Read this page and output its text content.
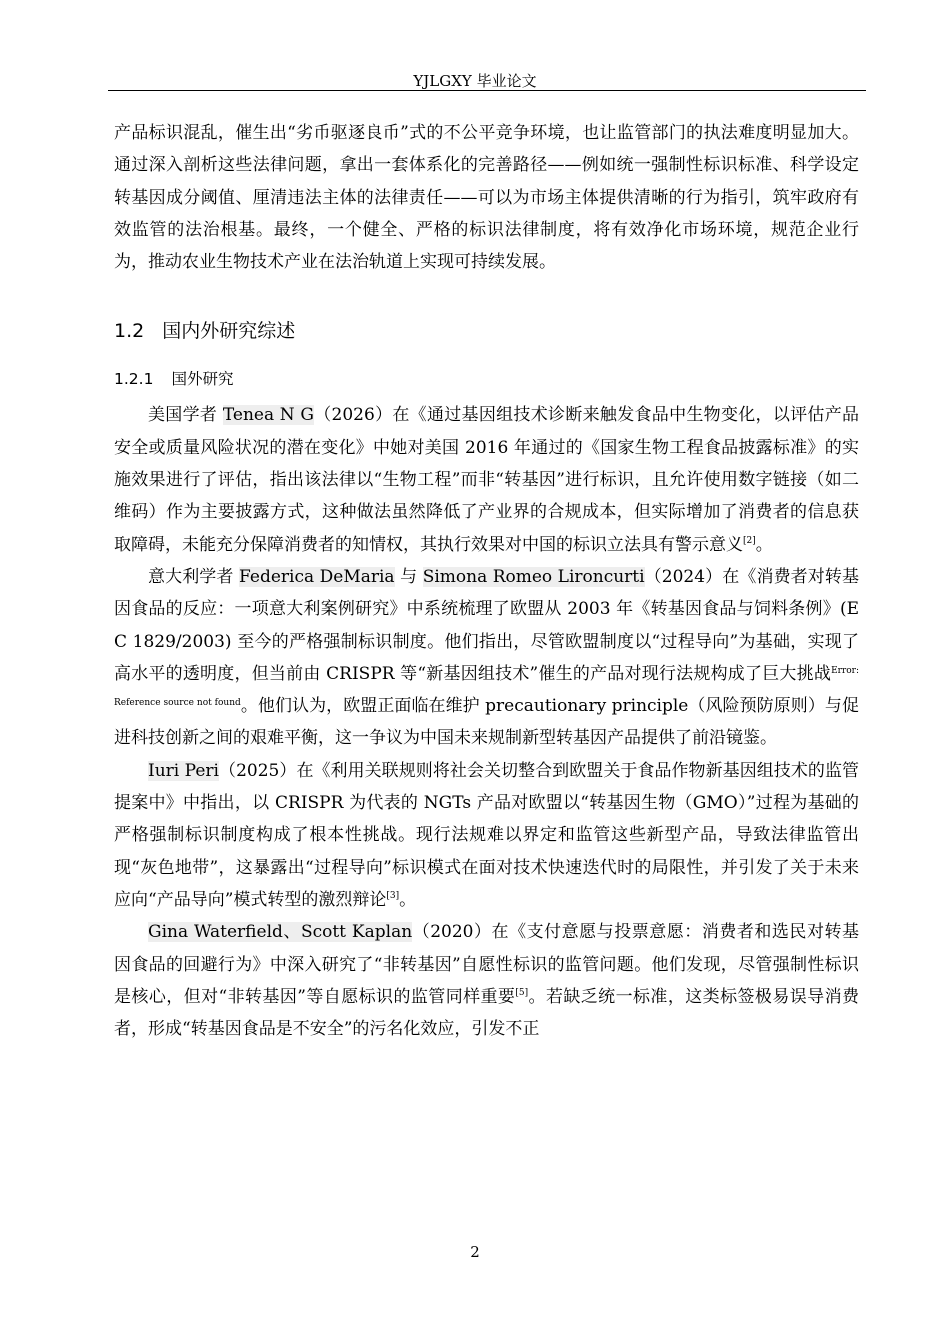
YJLGXY 毕业论文

产品标识混乱，催生出“劣币驱逐良币”式的不公平竞争环境，也让监管部门的执法难度明显加大。通过深入剖析这些法律问题，拿出一套体系化的完善路径——例如统一强制性标识标准、科学设定转基因成分阈值、厘清违法主体的法律责任——可以为市场主体提供清晰的行为指引，筑牢政府有效监管的法治根基。最终，一个健全、严格的标识法律制度，将有效净化市场环境，规范企业行为，推动农业生物技术产业在法治轨道上实现可持续发展。

1.2 国内外研究综述
1.2.1 国外研究

美国学者 Tenea N G（2026）在《通过基因组技术诊断来触发食品中生物变化，以评估产品安全或质量风险状况的潜在变化》中她对美国 2016 年通过的《国家生物工程食品披露标准》的实施效果进行了评估，指出该法律以“生物工程”而非“转基因”进行标识，且允许使用数字链接（如二维码）作为主要披露方式，这种做法虽然降低了产业界的合规成本，但实际增加了消费者的信息获取障碍，未能充分保障消费者的知情权，其执行效果对中国的标识立法具有警示意义[2]。

意大利学者 Federica DeMaria 与 Simona Romeo Lironcurti（2024）在《消费者对转基因食品的反应：一项意大利案例研究》中系统梳理了欧盟从 2003 年《转基因食品与饲料条例》(EC 1829/2003) 至今的严格强制标识制度。他们指出，尽管欧盟制度以“过程导向”为基础，实现了高水平的透明度，但当前由 CRISPR 等“新基因组技术”催生的产品对现行法规构成了巨大挑战$^{Error: Reference source not found}$。他们认为，欧盟正面临在维护 precautionary principle（风险预防原则）与促进科技创新之间的艰难平衡，这一争议为中国未来规制新型转基因产品提供了前沿镜鉴。

Iuri Peri（2025）在《利用关联规则将社会关切整合到欧盟关于食品作物新基因组技术的监管提案中》中指出，以 CRISPR 为代表的 NGTs 产品对欧盟以“转基因生物（GMO）”过程为基础的严格强制标识制度构成了根本性挑战。现行法规难以界定和监管这些新型产品，导致法律监管出现“灰色地带”，这暴露出“过程导向”标识模式在面对技术快速迭代时的局限性，并引发了关于未来应向“产品导向”模式转型的激烈辩论[3]。

Gina Waterfield、Scott Kaplan（2020）在《支付意愿与投票意愿：消费者和选民对转基因食品的回避行为》中深入研究了“非转基因”自愿性标识的监管问题。他们发现，尽管强制性标识是核心，但对“非转基因”等自愿标识的监管同样重要[5]。若缺乏统一标准，这类标签极易误导消费者，形成“转基因食品是不安全”的污名化效应，引发不正

2
